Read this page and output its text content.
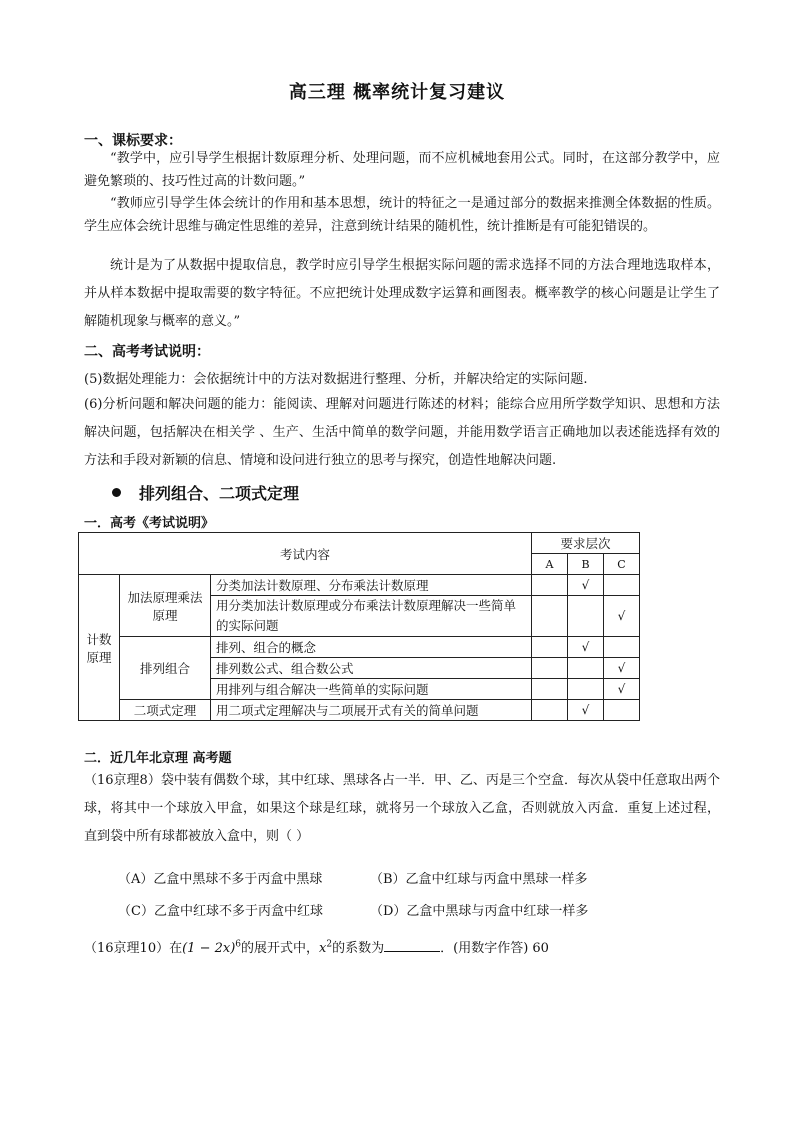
高三理 概率统计复习建议
一、课标要求：
“教学中，应引导学生根据计数原理分析、处理问题，而不应机械地套用公式。同时，在这部分教学中，应避免繁琐的、技巧性过高的计数问题。”
“教师应引导学生体会统计的作用和基本思想，统计的特征之一是通过部分的数据来推测全体数据的性质。学生应体会统计思维与确定性思维的差异，注意到统计结果的随机性，统计推断是有可能犯错误的。
统计是为了从数据中提取信息，教学时应引导学生根据实际问题的需求选择不同的方法合理地选取样本，并从样本数据中提取需要的数字特征。不应把统计处理成数字运算和画图表。概率教学的核心问题是让学生了解随机现象与概率的意义。”
二、高考考试说明：
(5)数据处理能力：会依据统计中的方法对数据进行整理、分析，并解决给定的实际问题.
(6)分析问题和解决问题的能力：能阅读、理解对问题进行陈述的材料；能综合应用所学数学知识、思想和方法解决问题，包括解决在相关学 、生产、生活中简单的数学问题，并能用数学语言正确地加以表述能选择有效的方法和手段对新颖的信息、情境和设问进行独立的思考与探究，创造性地解决问题.
排列组合、二项式定理
一．高考《考试说明》
考试内容			要求层次		
			A	B	C
计数原理	加法原理乘法原理	分类加法计数原理、分布乘法计数原理		√	
		用分类加法计数原理或分布乘法计数原理解决一些简单的实际问题			√
	排列组合	排列、组合的概念		√	
		排列数公式、组合数公式			√
		用排列与组合解决一些简单的实际问题			√
	二项式定理	用二项式定理解决与二项展开式有关的简单问题		√	
二．近几年北京理 高考题
（16京理8）袋中装有偶数个球，其中红球、黑球各占一半．甲、乙、丙是三个空盒．每次从袋中任意取出两个球，将其中一个球放入甲盒，如果这个球是红球，就将另一个球放入乙盒，否则就放入丙盒．重复上述过程，直到袋中所有球都被放入盒中，则（ ）
（A）乙盒中黑球不多于丙盒中黑球	（B）乙盒中红球与丙盒中黑球一样多
（C）乙盒中红球不多于丙盒中红球	（D）乙盒中黑球与丙盒中红球一样多
（16京理10）在$(1 - 2x)^6$的展开式中，$x^2$的系数为	．(用数字作答) 60
